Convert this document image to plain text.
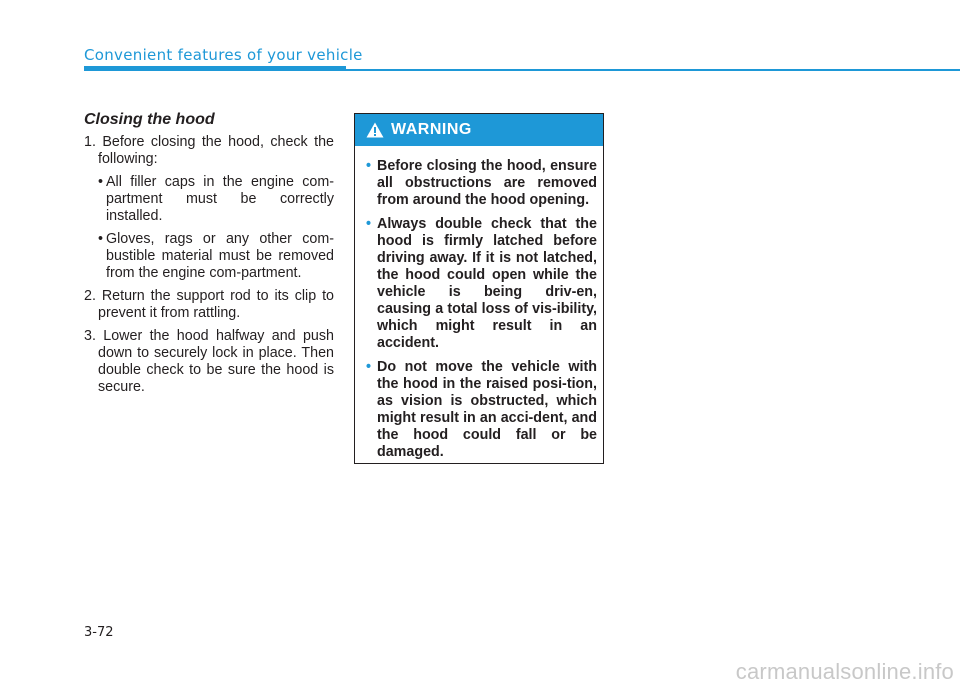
Convenient features of your vehicle
Closing the hood
1. Before closing the hood, check the following:
• All filler caps in the engine com-partment must be correctly installed.
• Gloves, rags or any other com-bustible material must be removed from the engine com-partment.
2. Return the support rod to its clip to prevent it from rattling.
3. Lower the hood halfway and push down to securely lock in place. Then double check to be sure the hood is secure.
WARNING
• Before closing the hood, ensure all obstructions are removed from around the hood opening.
• Always double check that the hood is firmly latched before driving away. If it is not latched, the hood could open while the vehicle is being driv-en, causing a total loss of vis-ibility, which might result in an accident.
• Do not move the vehicle with the hood in the raised posi-tion, as vision is obstructed, which might result in an acci-dent, and the hood could fall or be damaged.
3-72
carmanualsonline.info
